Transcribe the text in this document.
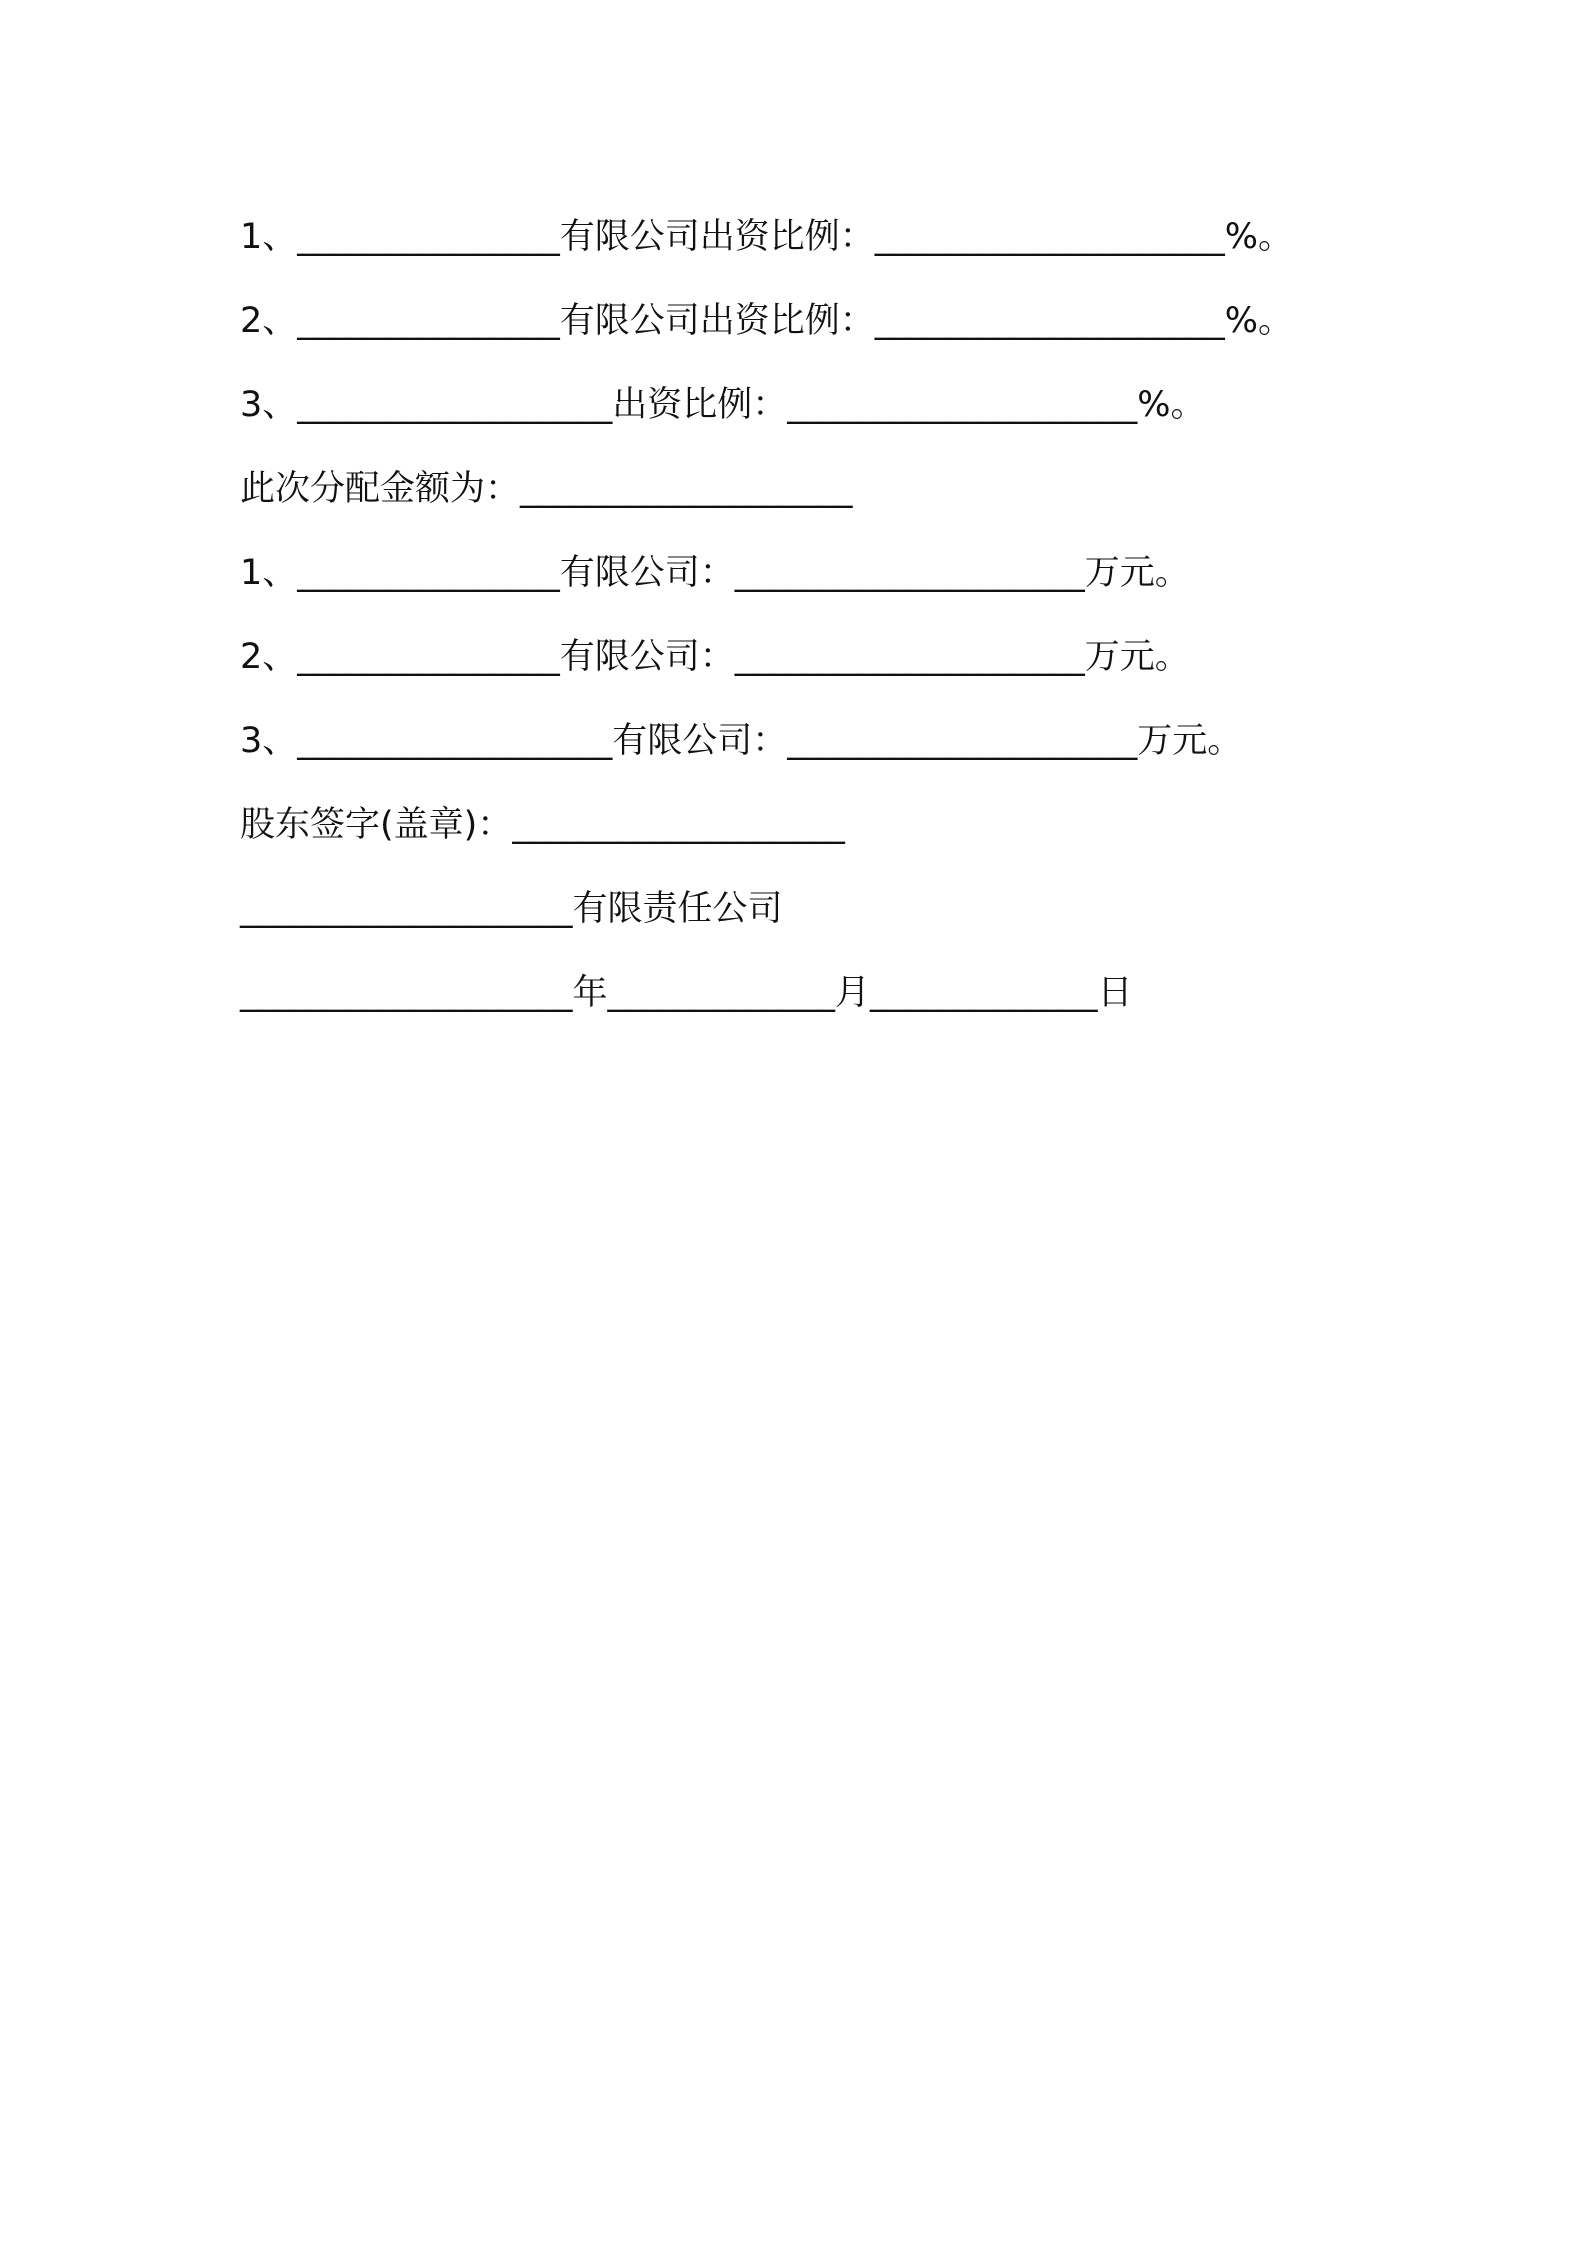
1、 _______________ 有限公司出资比例： ____________________ %。
2、 _______________ 有限公司出资比例： ____________________ %。
3、 __________________ 出资比例： ____________________ %。
此次分配金额为： ___________________
1、 _______________ 有限公司： ____________________ 万元。
2、 _______________ 有限公司： ____________________ 万元。
3、 __________________ 有限公司： ____________________ 万元。
股东签字(盖章)： ___________________
___________________ 有限责任公司
___________________ 年 _____________ 月 _____________ 日
